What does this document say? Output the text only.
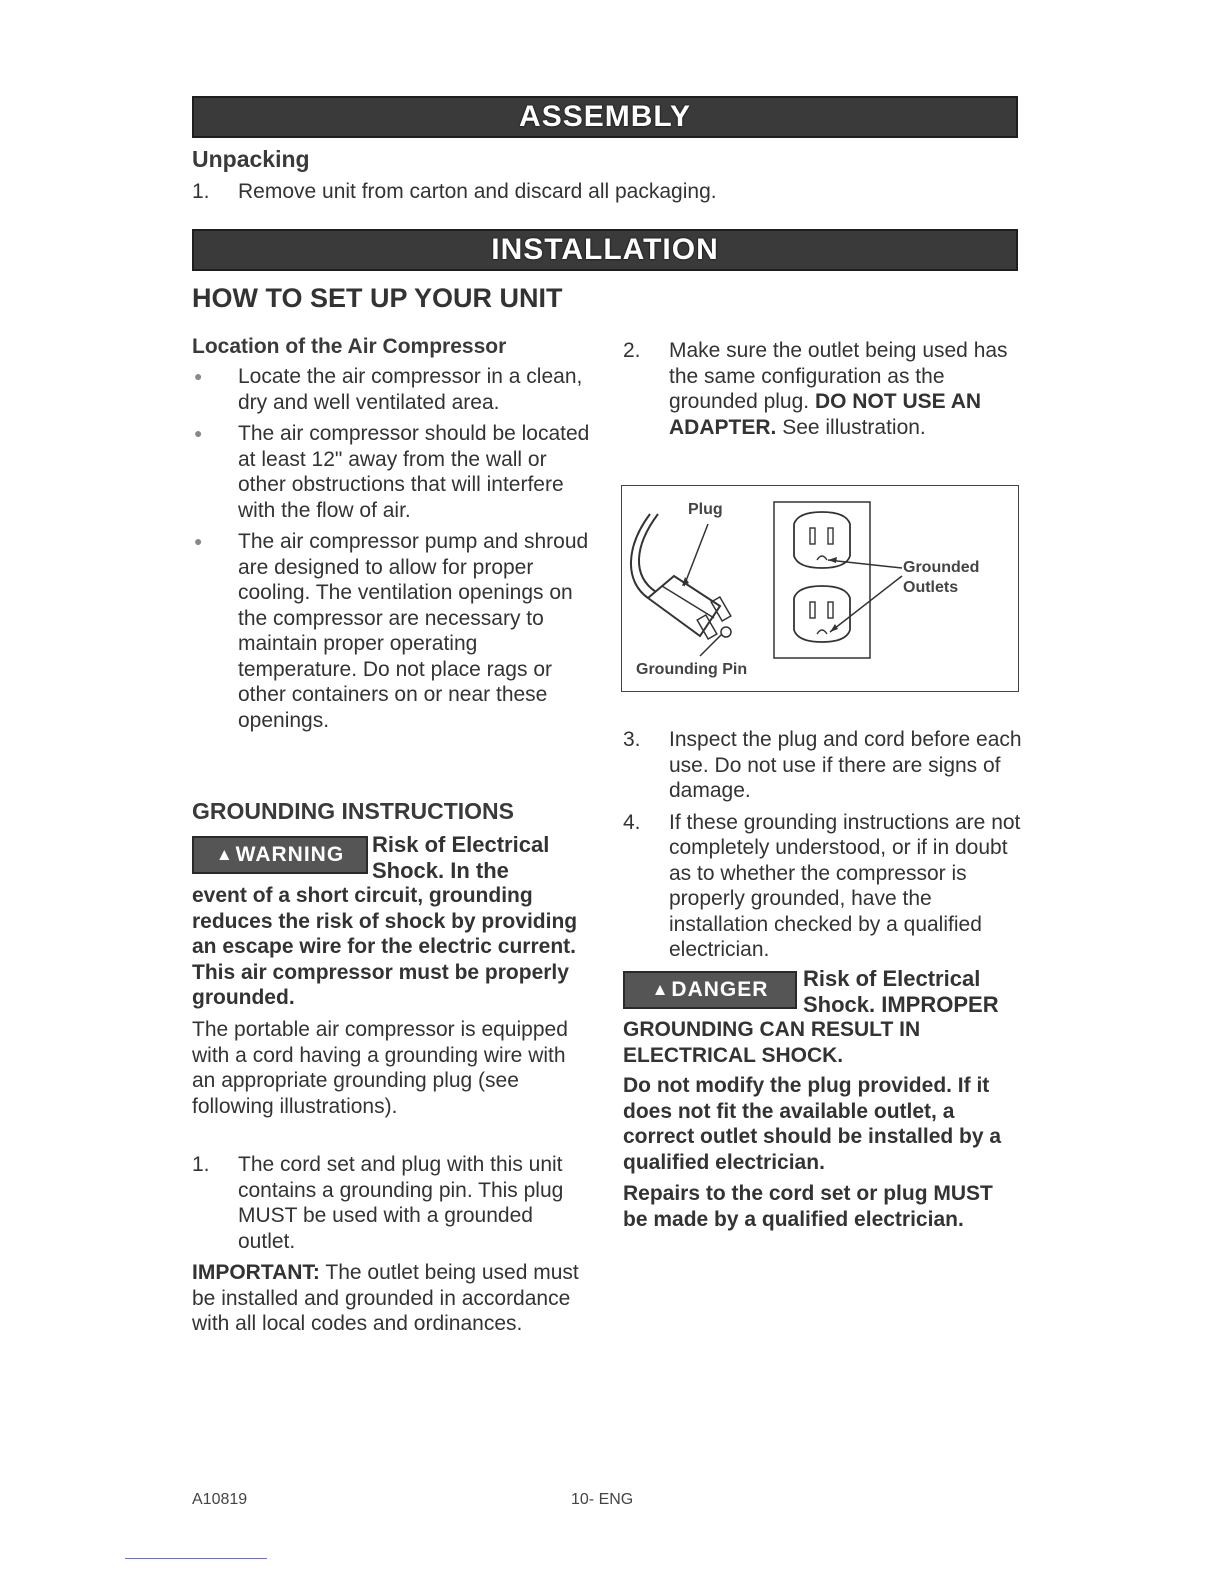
ASSEMBLY
Unpacking
1. Remove unit from carton and discard all packaging.
INSTALLATION
HOW TO SET UP YOUR UNIT
Location of the Air Compressor
● Locate the air compressor in a clean, dry and well ventilated area.
● The air compressor should be located at least 12" away from the wall or other obstructions that will interfere with the flow of air.
● The air compressor pump and shroud are designed to allow for proper cooling. The ventilation openings on the compressor are necessary to maintain proper operating temperature. Do not place rags or other containers on or near these openings.
GROUNDING INSTRUCTIONS
▲ WARNING Risk of Electrical Shock. In the
event of a short circuit, grounding reduces the risk of shock by providing an escape wire for the electric current. This air compressor must be properly grounded.
The portable air compressor is equipped with a cord having a grounding wire with an appropriate grounding plug (see following illustrations).
1. The cord set and plug with this unit contains a grounding pin. This plug MUST be used with a grounded outlet.
IMPORTANT: The outlet being used must be installed and grounded in accordance with all local codes and ordinances.
2. Make sure the outlet being used has the same configuration as the grounded plug. DO NOT USE AN ADAPTER. See illustration.
Plug
Grounded Outlets
Grounding Pin
3. Inspect the plug and cord before each use. Do not use if there are signs of damage.
4. If these grounding instructions are not completely understood, or if in doubt as to whether the compressor is properly grounded, have the installation checked by a qualified electrician.
▲ DANGER Risk of Electrical Shock. IMPROPER
GROUNDING CAN RESULT IN ELECTRICAL SHOCK.
Do not modify the plug provided. If it does not fit the available outlet, a correct outlet should be installed by a qualified electrician.
Repairs to the cord set or plug MUST be made by a qualified electrician.
A10819	10- ENG
